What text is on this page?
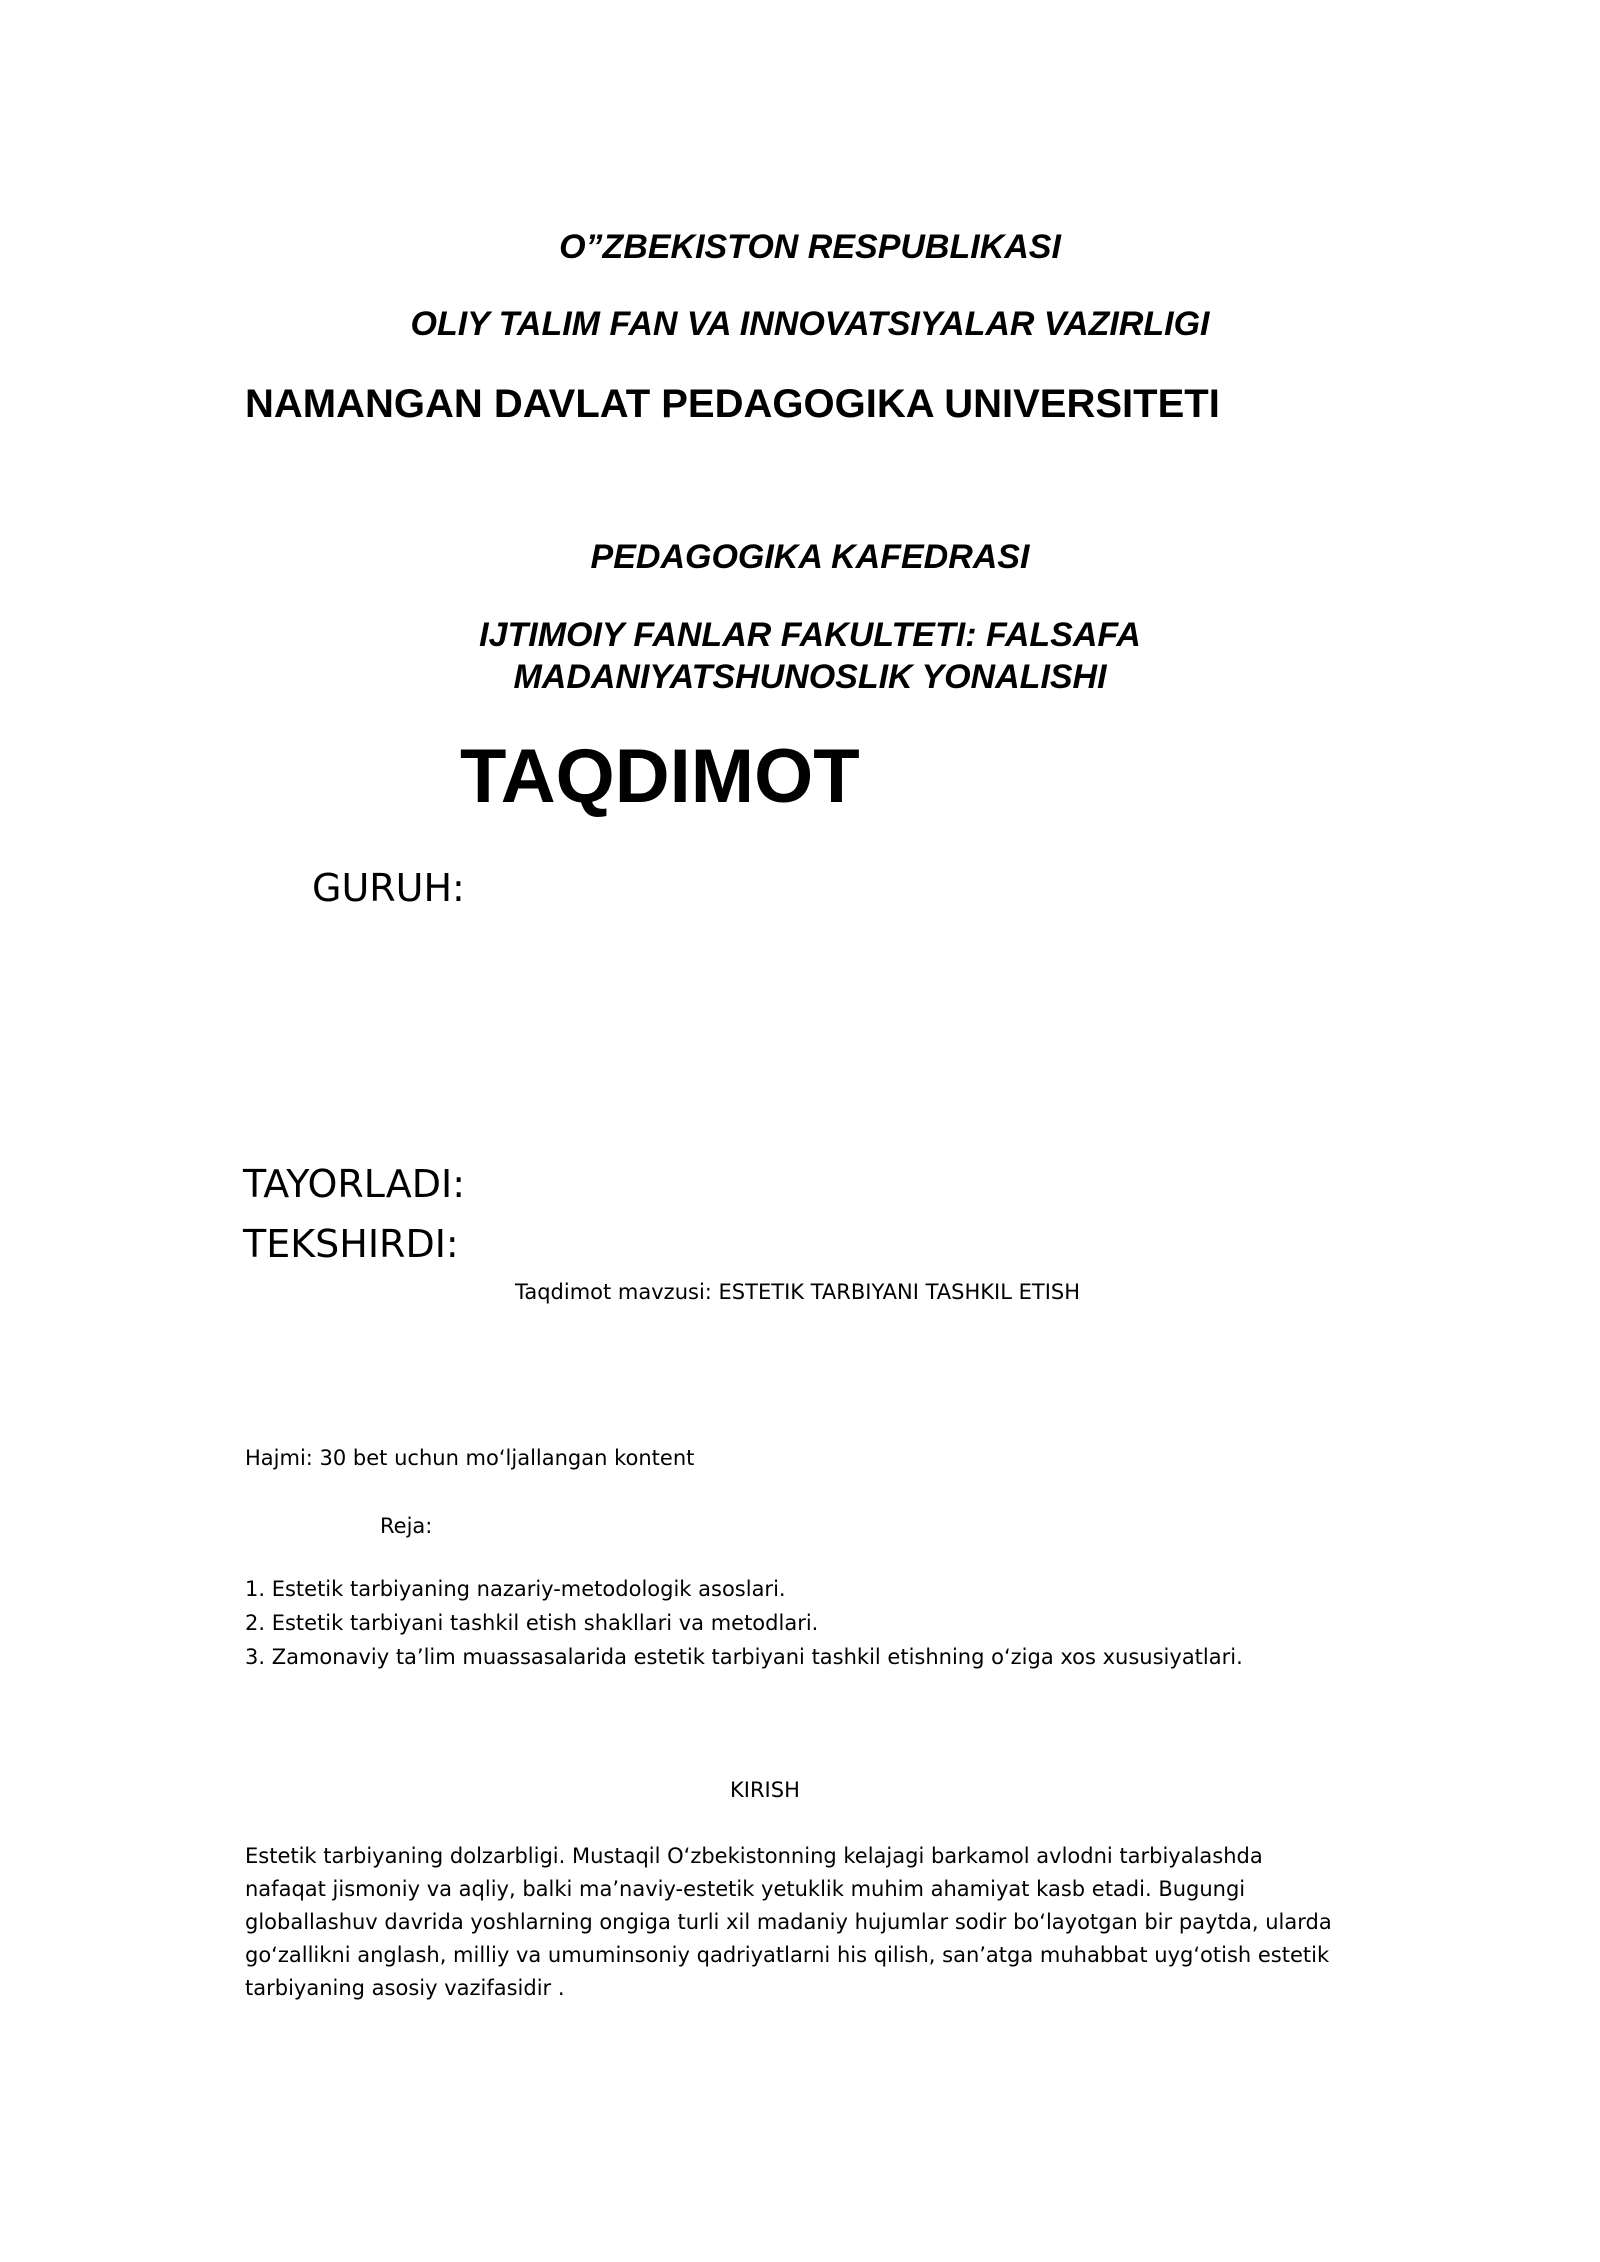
O”ZBEKISTON RESPUBLIKASI
OLIY TALIM FAN VA INNOVATSIYALAR VAZIRLIGI
NAMANGAN DAVLAT PEDAGOGIKA UNIVERSITETI
PEDAGOGIKA KAFEDRASI
IJTIMOIY FANLAR FAKULTETI: FALSAFA
MADANIYATSHUNOSLIK YONALISHI
TAQDIMOT
GURUH:
TAYORLADI:
TEKSHIRDI:
Taqdimot mavzusi: ESTETIK TARBIYANI TASHKIL ETISH
Hajmi: 30 bet uchun mo‘ljallangan kontent
Reja:
1. Estetik tarbiyaning nazariy-metodologik asoslari.
2. Estetik tarbiyani tashkil etish shakllari va metodlari.
3. Zamonaviy ta’lim muassasalarida estetik tarbiyani tashkil etishning o‘ziga xos xususiyatlari.
KIRISH
Estetik tarbiyaning dolzarbligi. Mustaqil O‘zbekistonning kelajagi barkamol avlodni tarbiyalashda
nafaqat jismoniy va aqliy, balki ma’naviy-estetik yetuklik muhim ahamiyat kasb etadi. Bugungi
globallashuv davrida yoshlarning ongiga turli xil madaniy hujumlar sodir bo‘layotgan bir paytda, ularda
go‘zallikni anglash, milliy va umuminsoniy qadriyatlarni his qilish, san’atga muhabbat uyg‘otish estetik
tarbiyaning asosiy vazifasidir .
